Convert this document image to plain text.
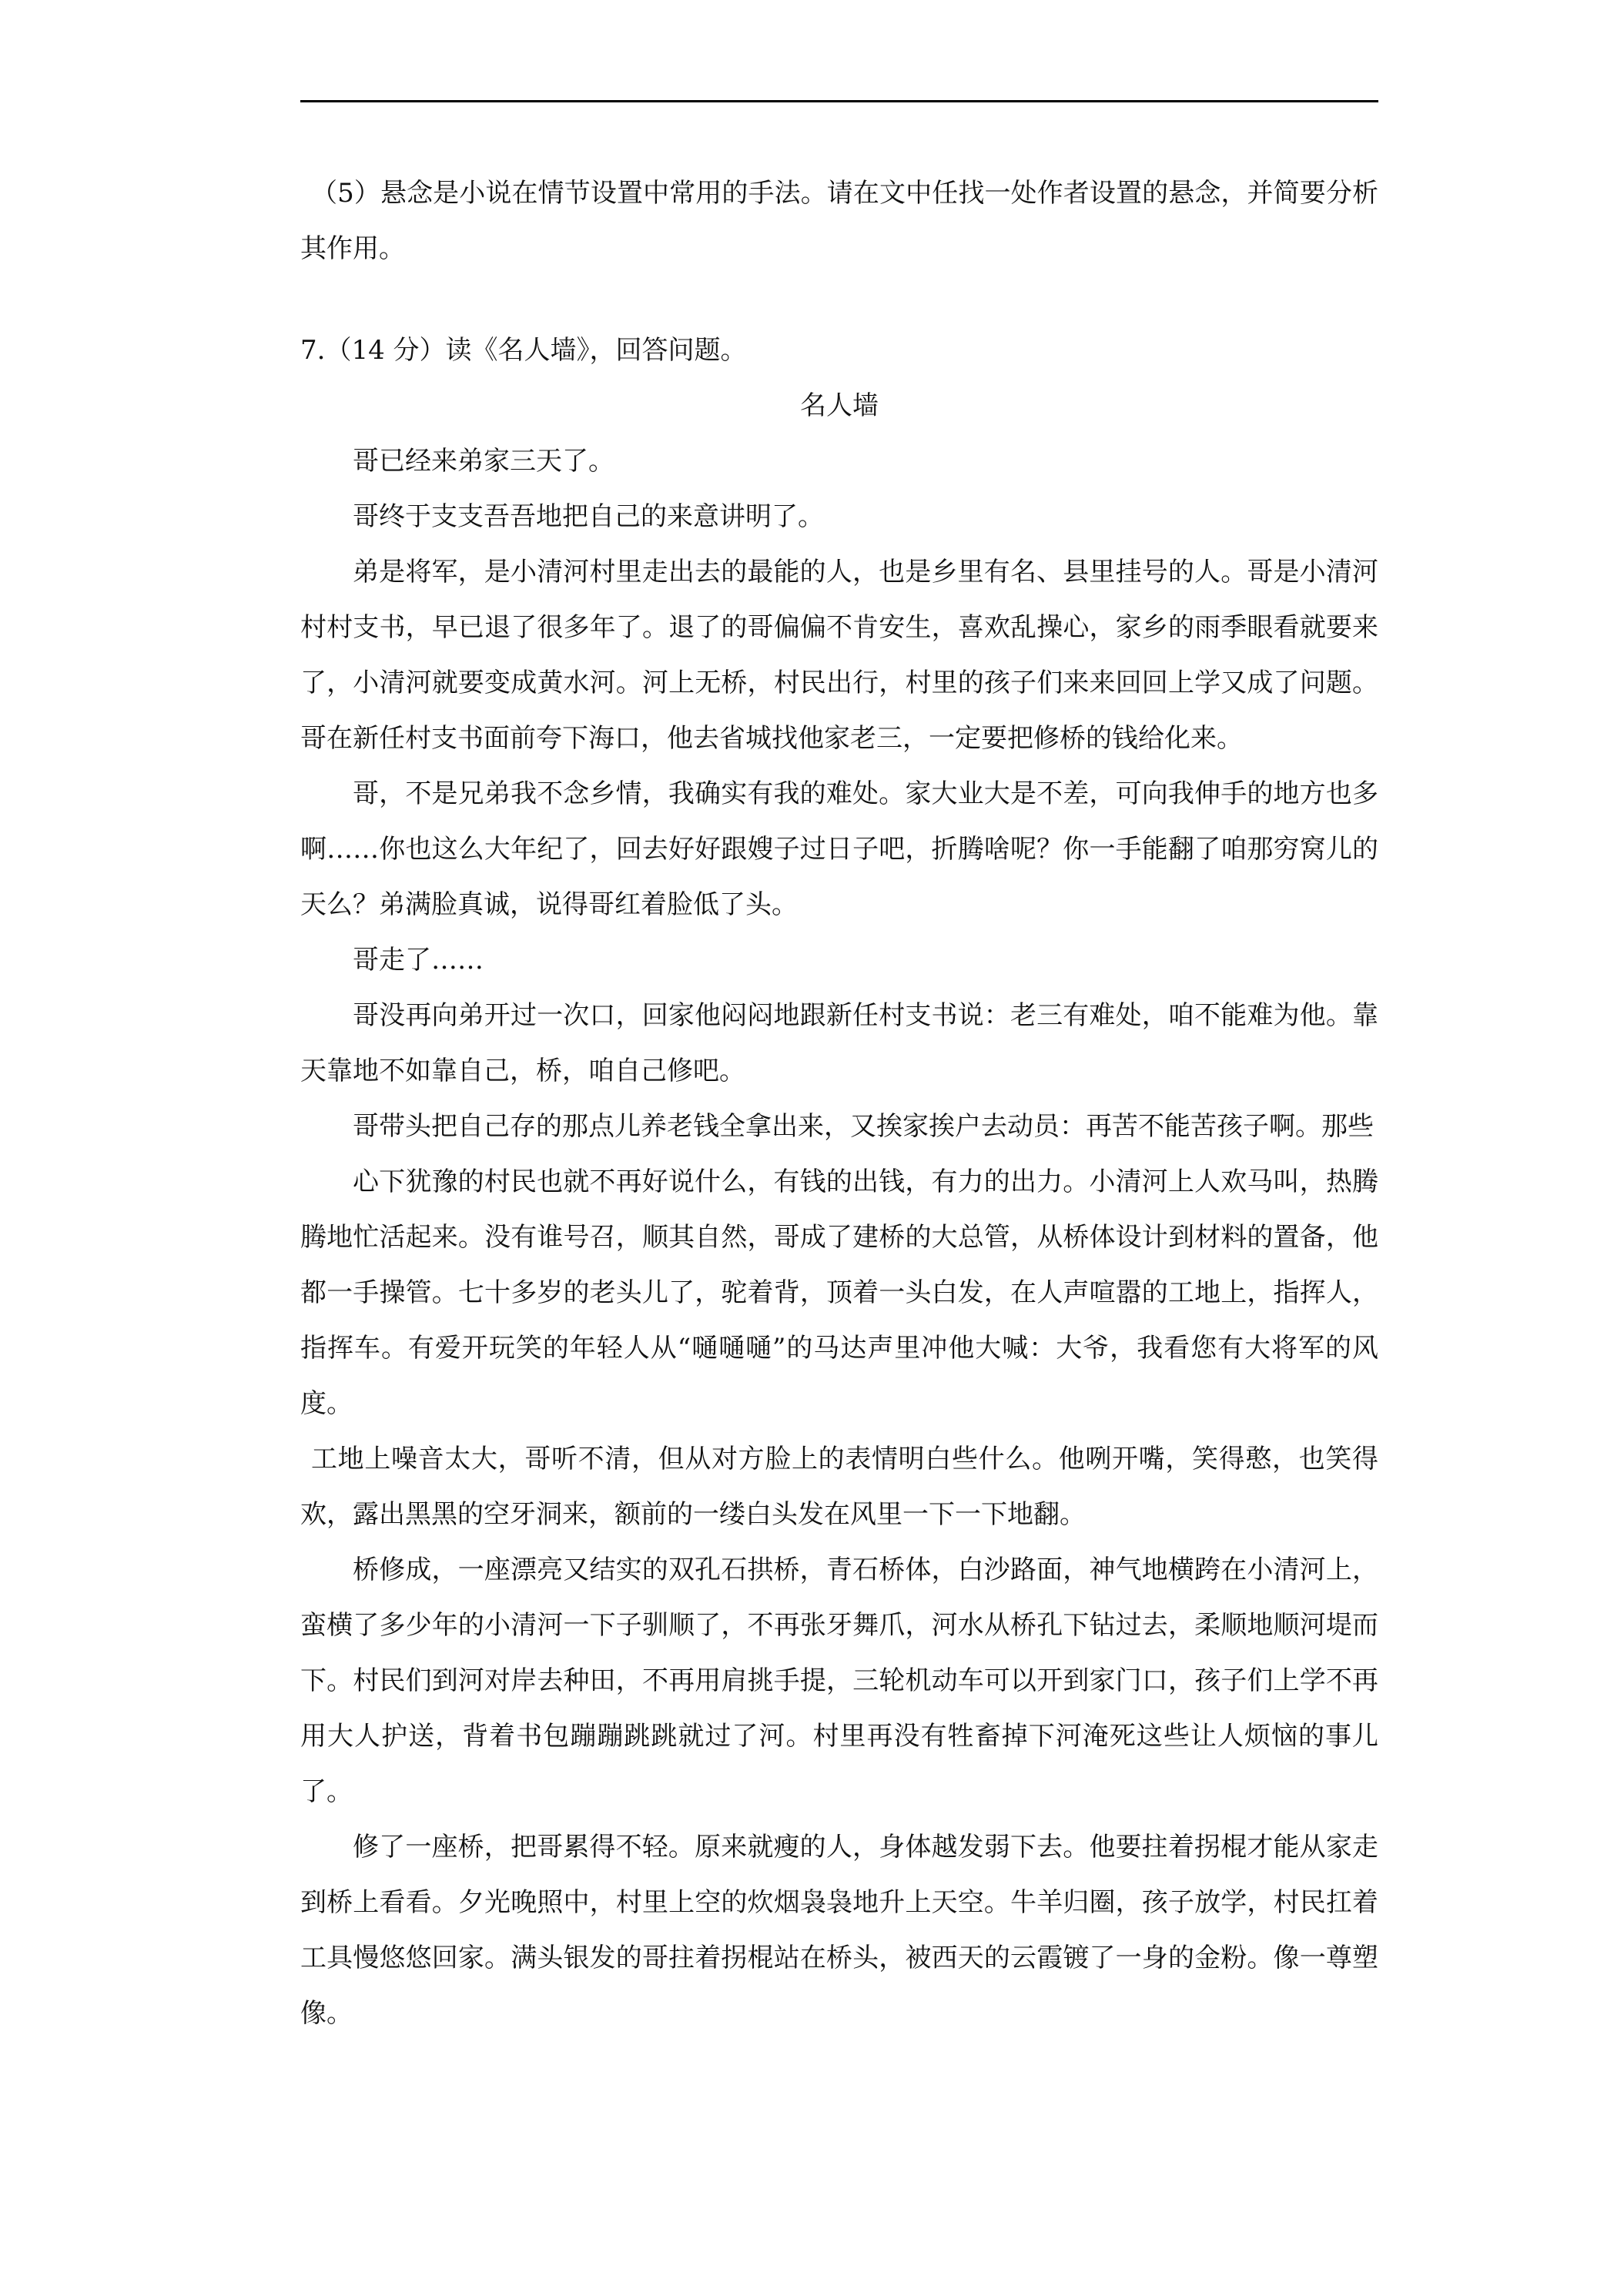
（5）悬念是小说在情节设置中常用的手法。请在文中任找一处作者设置的悬念，并简要分析其作用。

7.（14 分）读《名人墙》，回答问题。

名人墙

哥已经来弟家三天了。

哥终于支支吾吾地把自己的来意讲明了。

弟是将军，是小清河村里走出去的最能的人，也是乡里有名、县里挂号的人。哥是小清河村村支书，早已退了很多年了。退了的哥偏偏不肯安生，喜欢乱操心，家乡的雨季眼看就要来了，小清河就要变成黄水河。河上无桥，村民出行，村里的孩子们来来回回上学又成了问题。哥在新任村支书面前夸下海口，他去省城找他家老三，一定要把修桥的钱给化来。

哥，不是兄弟我不念乡情，我确实有我的难处。家大业大是不差，可向我伸手的地方也多啊……你也这么大年纪了，回去好好跟嫂子过日子吧，折腾啥呢？你一手能翻了咱那穷窝儿的天么？弟满脸真诚，说得哥红着脸低了头。

哥走了……

哥没再向弟开过一次口，回家他闷闷地跟新任村支书说：老三有难处，咱不能难为他。靠天靠地不如靠自己，桥，咱自己修吧。

哥带头把自己存的那点儿养老钱全拿出来，又挨家挨户去动员：再苦不能苦孩子啊。那些

心下犹豫的村民也就不再好说什么，有钱的出钱，有力的出力。小清河上人欢马叫，热腾腾地忙活起来。没有谁号召，顺其自然，哥成了建桥的大总管，从桥体设计到材料的置备，他都一手操管。七十多岁的老头儿了，驼着背，顶着一头白发，在人声喧嚣的工地上，指挥人，指挥车。有爱开玩笑的年轻人从“嗵嗵嗵”的马达声里冲他大喊：大爷，我看您有大将军的风度。

工地上噪音太大，哥听不清，但从对方脸上的表情明白些什么。他咧开嘴，笑得憨，也笑得欢，露出黑黑的空牙洞来，额前的一缕白头发在风里一下一下地翻。

桥修成，一座漂亮又结实的双孔石拱桥，青石桥体，白沙路面，神气地横跨在小清河上，蛮横了多少年的小清河一下子驯顺了，不再张牙舞爪，河水从桥孔下钻过去，柔顺地顺河堤而下。村民们到河对岸去种田，不再用肩挑手提，三轮机动车可以开到家门口，孩子们上学不再用大人护送，背着书包蹦蹦跳跳就过了河。村里再没有牲畜掉下河淹死这些让人烦恼的事儿了。

修了一座桥，把哥累得不轻。原来就瘦的人，身体越发弱下去。他要拄着拐棍才能从家走到桥上看看。夕光晚照中，村里上空的炊烟袅袅地升上天空。牛羊归圈，孩子放学，村民扛着工具慢悠悠回家。满头银发的哥拄着拐棍站在桥头，被西天的云霞镀了一身的金粉。像一尊塑像。
